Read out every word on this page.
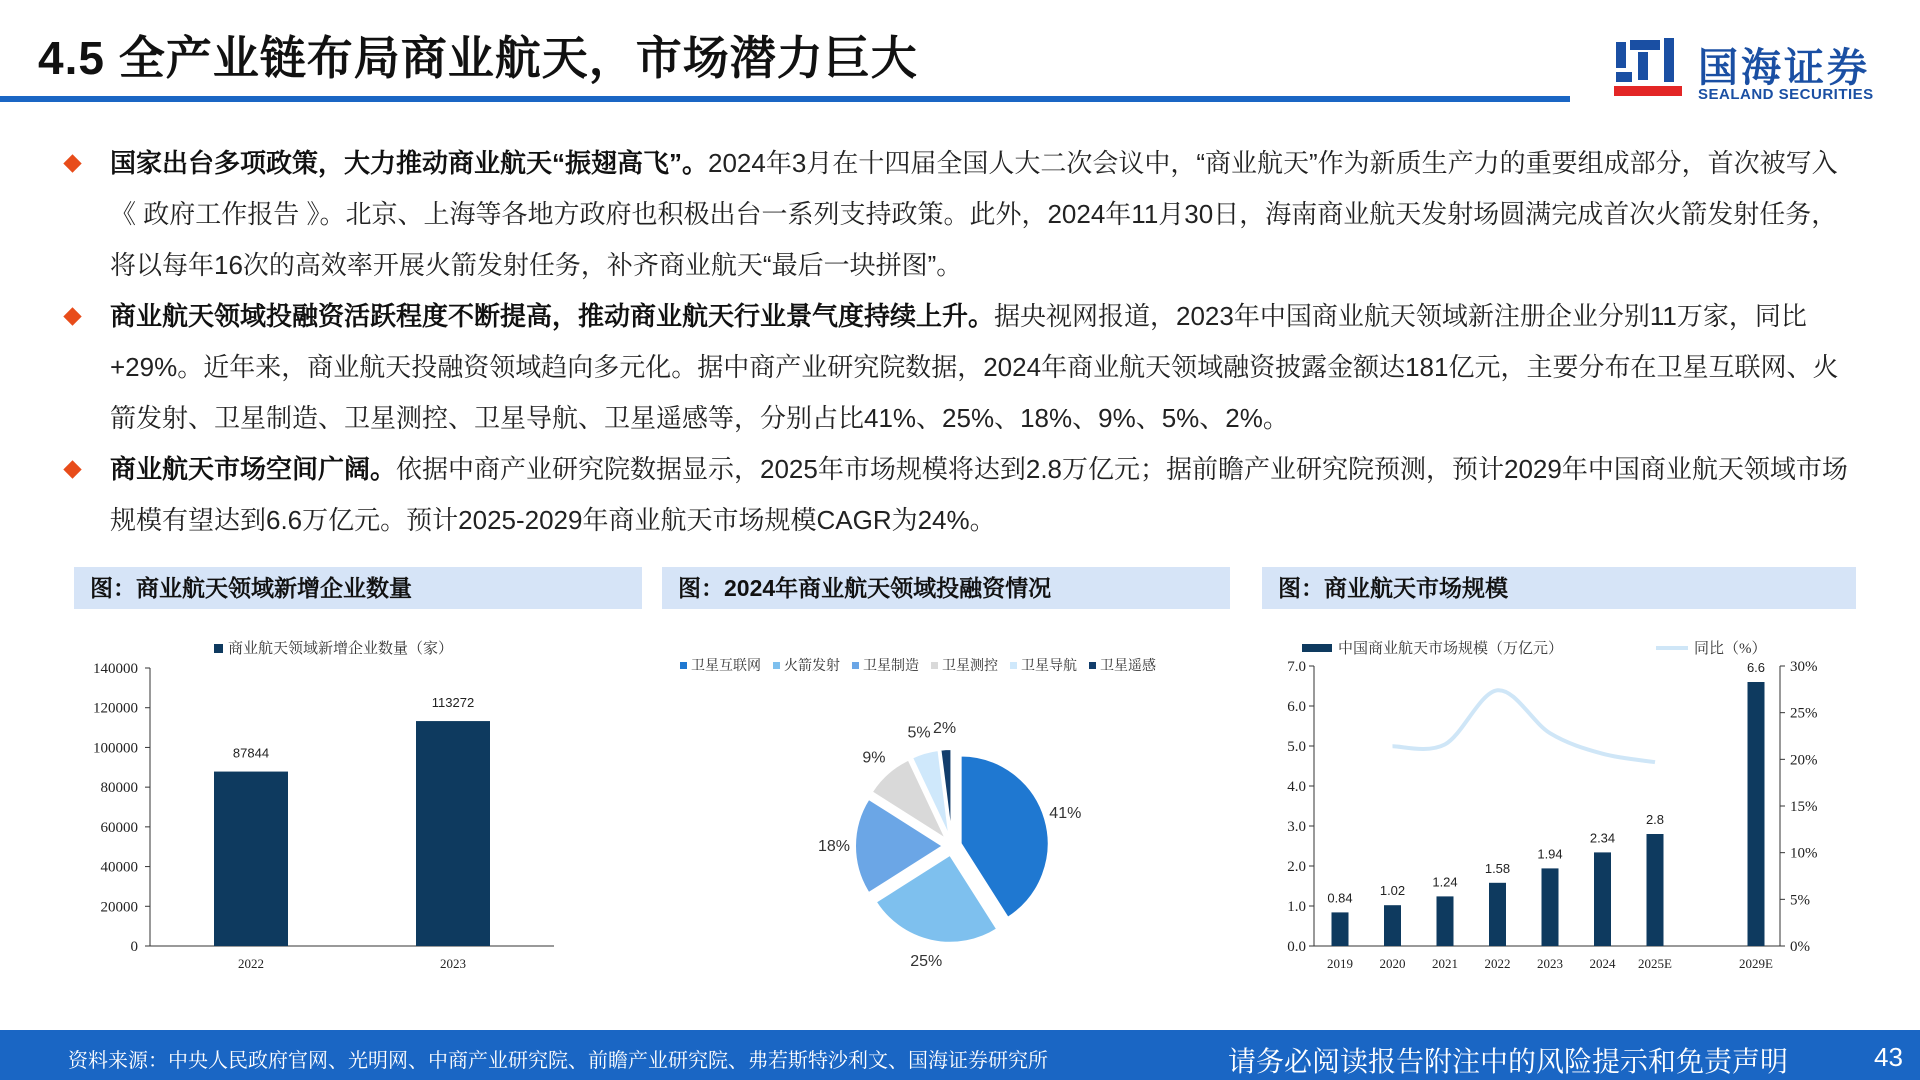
4.5 全产业链布局商业航天，市场潜力巨大	国海证券
SEALAND SECURITIES
国家出台多项政策，大力推动商业航天“振翅高飞”。2024年3月在十四届全国人大二次会议中，“商业航天”作为新质生产力的重要组成部分，首次被写入《 政府工作报告 》。北京、上海等各地方政府也积极出台一系列支持政策。此外，2024年11月30日，海南商业航天发射场圆满完成首次火箭发射任务，将以每年16次的高效率开展火箭发射任务，补齐商业航天“最后一块拼图”。
商业航天领域投融资活跃程度不断提高，推动商业航天行业景气度持续上升。据央视网报道，2023年中国商业航天领域新注册企业分别11万家，同比+29%。近年来，商业航天投融资领域趋向多元化。据中商产业研究院数据，2024年商业航天领域融资披露金额达181亿元，主要分布在卫星互联网、火箭发射、卫星制造、卫星测控、卫星导航、卫星遥感等，分别占比41%、25%、18%、9%、5%、2%。
商业航天市场空间广阔。依据中商产业研究院数据显示，2025年市场规模将达到2.8万亿元；据前瞻产业研究院预测，预计2029年中国商业航天领域市场规模有望达到6.6万亿元。预计2025-2029年商业航天市场规模CAGR为24%。
图：商业航天领域新增企业数量	图：2024年商业航天领域投融资情况	图：商业航天市场规模
商业航天领域新增企业数量（家）
0
20000
40000
60000
80000
100000
120000
140000
87844
2022
113272
2023
卫星互联网 火箭发射 卫星制造 卫星测控 卫星导航 卫星遥感
41%
25%
18%
9%
5% 2%
中国商业航天市场规模（万亿元）	同比（%）
0.0
1.0
2.0
3.0
4.0
5.0
6.0
7.0
0%
5%
10%
15%
20%
25%
30%
0.84
2019
1.02
2020
1.24
2021
1.58
2022
1.94
2023
2.34
2024
2.8
2025E
6.6
2029E
资料来源：中央人民政府官网、光明网、中商产业研究院、前瞻产业研究院、弗若斯特沙利文、国海证券研究所	请务必阅读报告附注中的风险提示和免责声明	43
